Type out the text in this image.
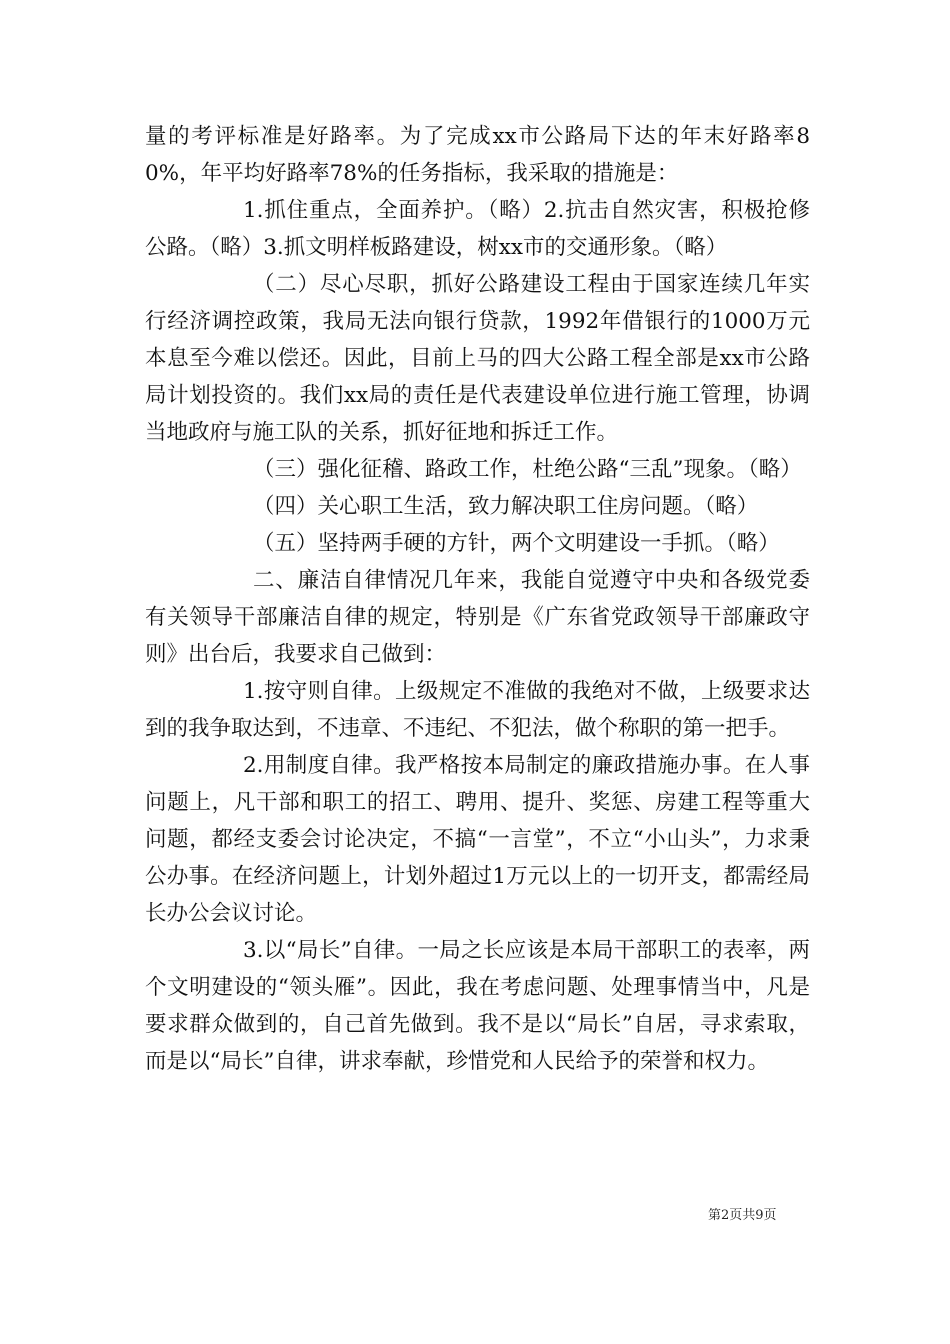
量的考评标准是好路率。为了完成xx市公路局下达的年末好路率80%，年平均好路率78%的任务指标，我采取的措施是：

1.抓住重点，全面养护。（略）2.抗击自然灾害，积极抢修公路。（略）3.抓文明样板路建设，树xx市的交通形象。（略）

（二）尽心尽职，抓好公路建设工程由于国家连续几年实行经济调控政策，我局无法向银行贷款，1992年借银行的1000万元本息至今难以偿还。因此，目前上马的四大公路工程全部是xx市公路局计划投资的。我们xx局的责任是代表建设单位进行施工管理，协调当地政府与施工队的关系，抓好征地和拆迁工作。

（三）强化征稽、路政工作，杜绝公路“三乱”现象。（略）

（四）关心职工生活，致力解决职工住房问题。（略）

（五）坚持两手硬的方针，两个文明建设一手抓。（略）

二、廉洁自律情况几年来，我能自觉遵守中央和各级党委有关领导干部廉洁自律的规定，特别是《广东省党政领导干部廉政守则》出台后，我要求自己做到：

1.按守则自律。上级规定不准做的我绝对不做，上级要求达到的我争取达到，不违章、不违纪、不犯法，做个称职的第一把手。

2.用制度自律。我严格按本局制定的廉政措施办事。在人事问题上，凡干部和职工的招工、聘用、提升、奖惩、房建工程等重大问题，都经支委会讨论决定，不搞“一言堂”，不立“小山头”，力求秉公办事。在经济问题上，计划外超过1万元以上的一切开支，都需经局长办公会议讨论。

3.以“局长”自律。一局之长应该是本局干部职工的表率，两个文明建设的“领头雁”。因此，我在考虑问题、处理事情当中，凡是要求群众做到的，自己首先做到。我不是以“局长”自居，寻求索取，而是以“局长”自律，讲求奉献，珍惜党和人民给予的荣誉和权力。

第2页共9页
